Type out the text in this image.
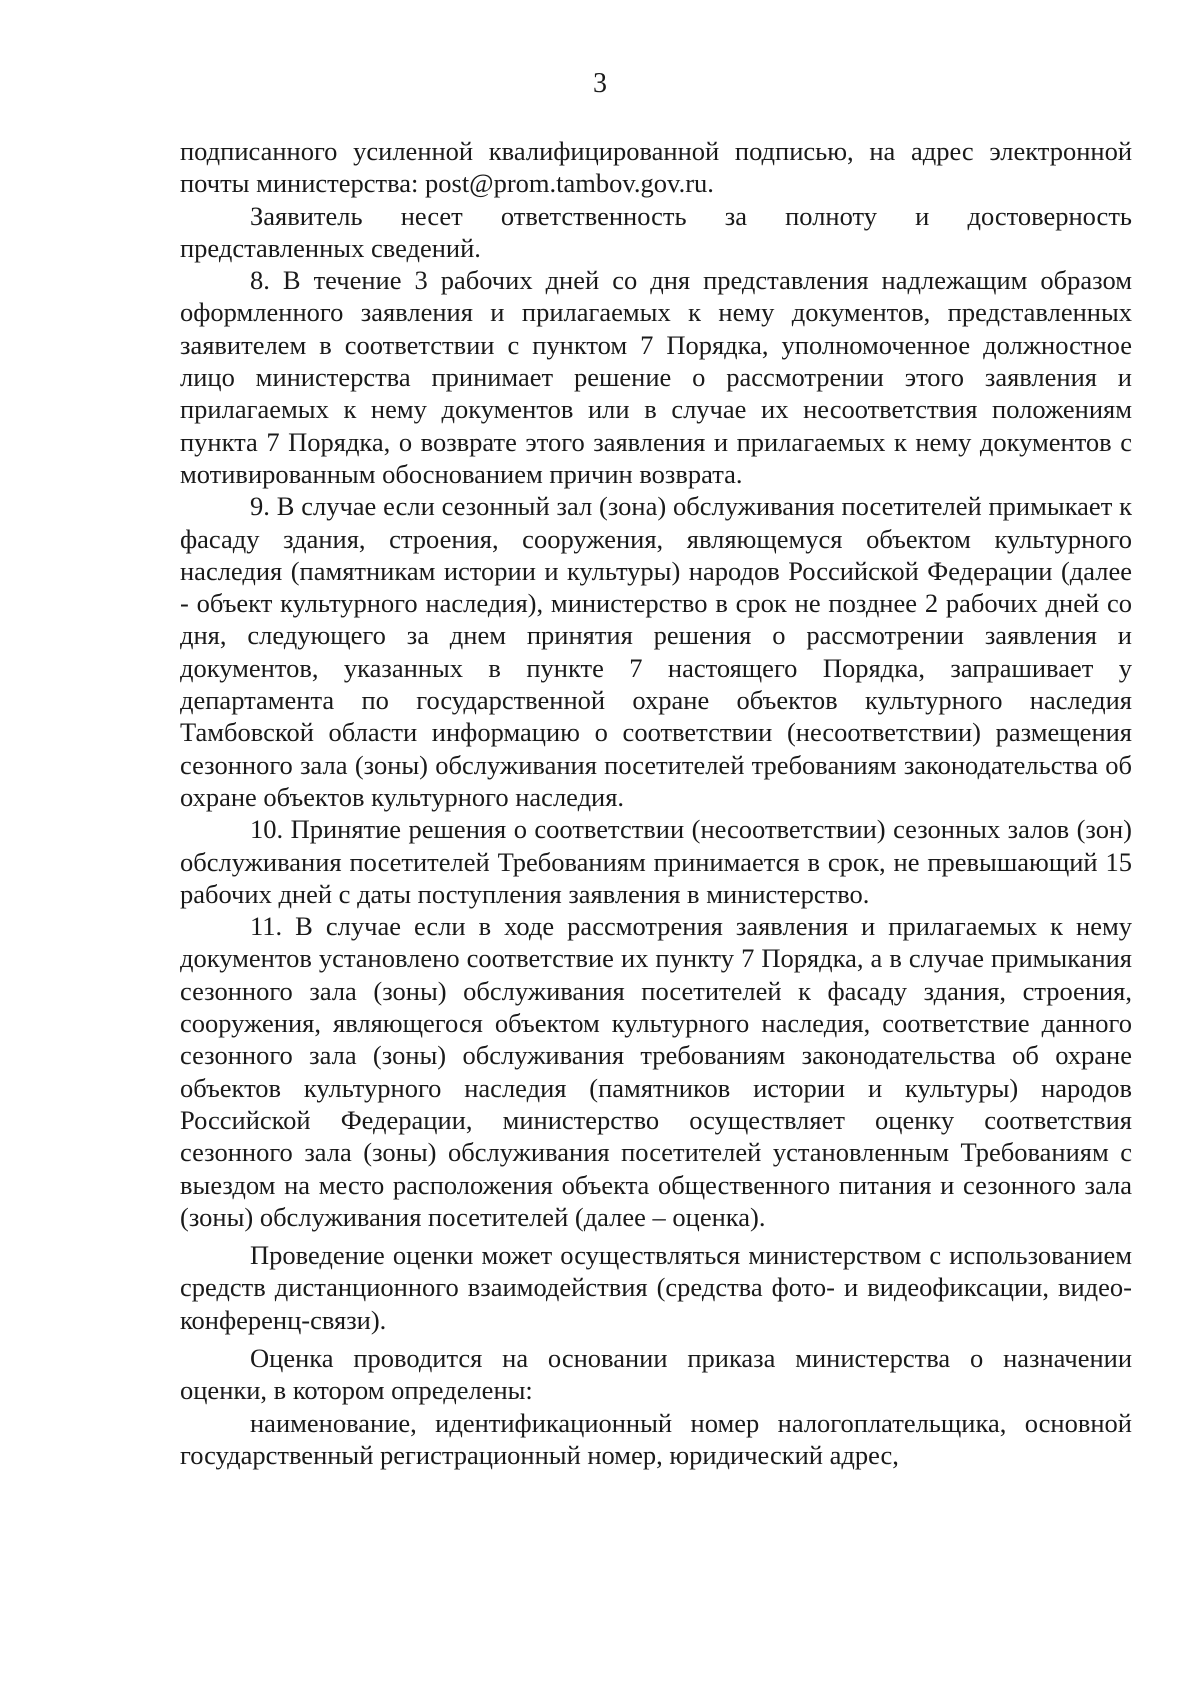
3

подписанного усиленной квалифицированной подписью, на адрес электронной почты министерства: post@prom.tambov.gov.ru.

Заявитель несет ответственность за полноту и достоверность представленных сведений.

8. В течение 3 рабочих дней со дня представления надлежащим образом оформленного заявления и прилагаемых к нему документов, представленных заявителем в соответствии с пунктом 7 Порядка, уполномоченное должностное лицо министерства принимает решение о рассмотрении этого заявления и прилагаемых к нему документов или в случае их несоответствия положениям пункта 7 Порядка, о возврате этого заявления и прилагаемых к нему документов с мотивированным обоснованием причин возврата.

9. В случае если сезонный зал (зона) обслуживания посетителей примыкает к фасаду здания, строения, сооружения, являющемуся объектом культурного наследия (памятникам истории и культуры) народов Российской Федерации (далее - объект культурного наследия), министерство в срок не позднее 2 рабочих дней со дня, следующего за днем принятия решения о рассмотрении заявления и документов, указанных в пункте 7 настоящего Порядка, запрашивает у департамента по государственной охране объектов культурного наследия Тамбовской области информацию о соответствии (несоответствии) размещения сезонного зала (зоны) обслуживания посетителей требованиям законодательства об охране объектов культурного наследия.

10. Принятие решения о соответствии (несоответствии) сезонных залов (зон) обслуживания посетителей Требованиям принимается в срок, не превышающий 15 рабочих дней с даты поступления заявления в министерство.

11. В случае если в ходе рассмотрения заявления и прилагаемых к нему документов установлено соответствие их пункту 7 Порядка, а в случае примыкания сезонного зала (зоны) обслуживания посетителей к фасаду здания, строения, сооружения, являющегося объектом культурного наследия, соответствие данного сезонного зала (зоны) обслуживания требованиям законодательства об охране объектов культурного наследия (памятников истории и культуры) народов Российской Федерации, министерство осуществляет оценку соответствия сезонного зала (зоны) обслуживания посетителей установленным Требованиям с выездом на место расположения объекта общественного питания и сезонного зала (зоны) обслуживания посетителей (далее – оценка).

Проведение оценки может осуществляться министерством с использованием средств дистанционного взаимодействия (средства фото- и видеофиксации, видео-конференц-связи).

Оценка проводится на основании приказа министерства о назначении оценки, в котором определены:

наименование, идентификационный номер налогоплательщика, основной государственный регистрационный номер, юридический адрес,
